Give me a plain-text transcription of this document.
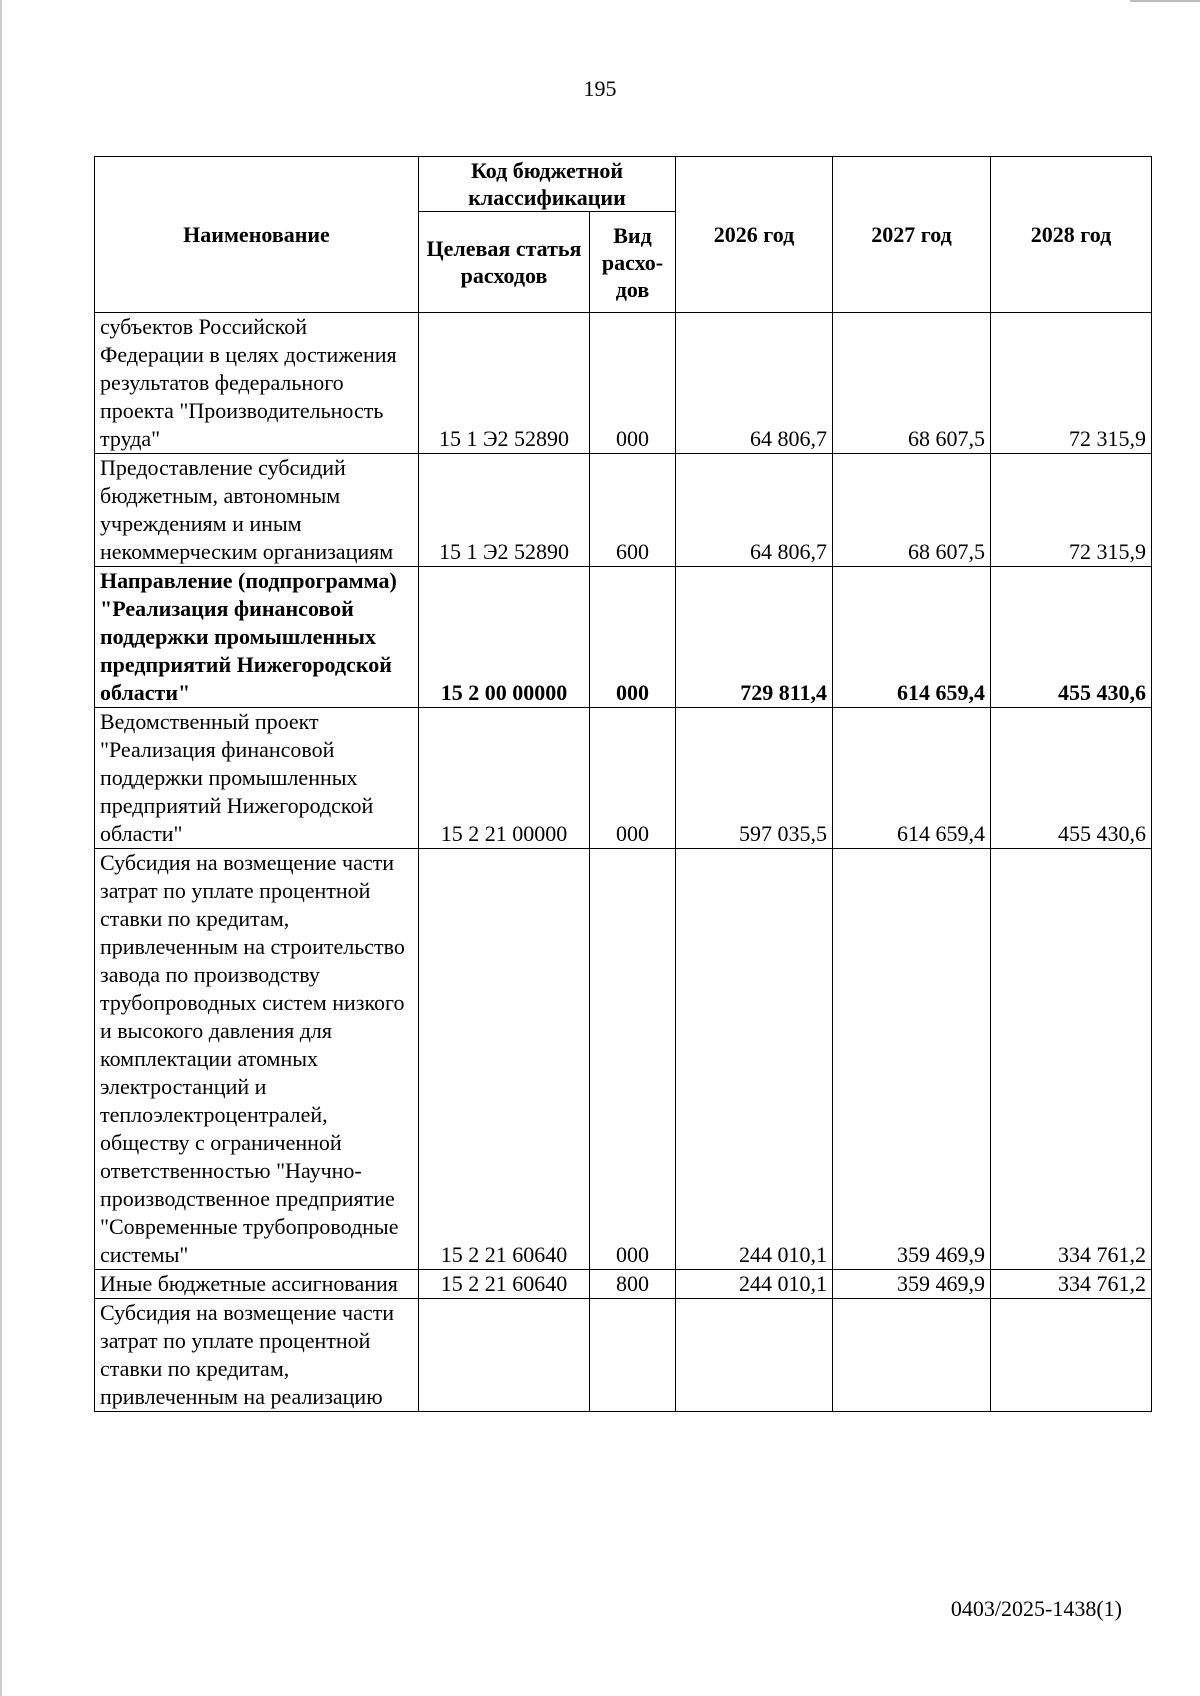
195
Наименование	Код бюджетной классификации		2026 год	2027 год	2028 год
	Целевая статья расходов	Вид расхо-дов			
субъектов Российской Федерации в целях достижения результатов федерального проекта "Производительность труда"	15 1 Э2 52890	000	64 806,7	68 607,5	72 315,9
Предоставление субсидий бюджетным, автономным учреждениям и иным некоммерческим организациям	15 1 Э2 52890	600	64 806,7	68 607,5	72 315,9
Направление (подпрограмма) "Реализация финансовой поддержки промышленных предприятий Нижегородской области"	15 2 00 00000	000	729 811,4	614 659,4	455 430,6
Ведомственный проект "Реализация финансовой поддержки промышленных предприятий Нижегородской области"	15 2 21 00000	000	597 035,5	614 659,4	455 430,6
Субсидия на возмещение части затрат по уплате процентной ставки по кредитам, привлеченным на строительство завода по производству трубопроводных систем низкого и высокого давления для комплектации атомных электростанций и теплоэлектроцентралей, обществу с ограниченной ответственностью "Научно-производственное предприятие "Современные трубопроводные системы"	15 2 21 60640	000	244 010,1	359 469,9	334 761,2
Иные бюджетные ассигнования	15 2 21 60640	800	244 010,1	359 469,9	334 761,2
Субсидия на возмещение части затрат по уплате процентной ставки по кредитам, привлеченным на реализацию					
0403/2025-1438(1)
